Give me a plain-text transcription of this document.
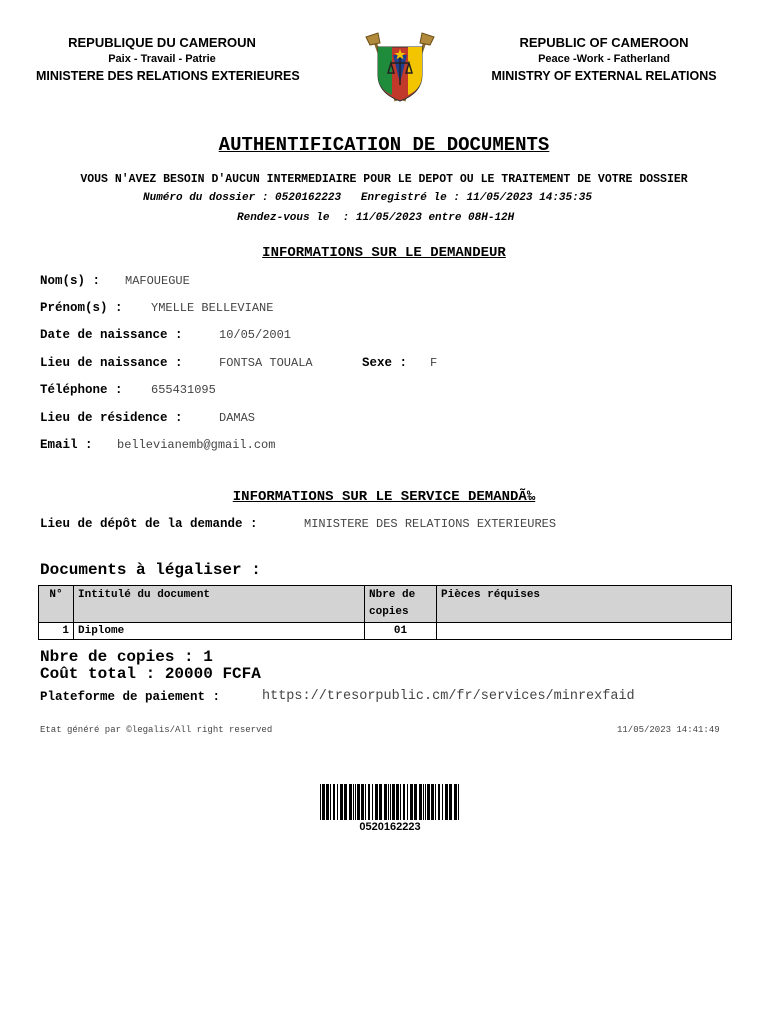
REPUBLIQUE DU CAMEROUN
Paix - Travail - Patrie
MINISTERE DES RELATIONS EXTERIEURES
REPUBLIC OF CAMEROON
Peace -Work - Fatherland
MINISTRY OF EXTERNAL RELATIONS
AUTHENTIFICATION DE DOCUMENTS
VOUS N'AVEZ BESOIN D'AUCUN INTERMEDIAIRE POUR LE DEPOT OU LE TRAITEMENT DE VOTRE DOSSIER
Numéro du dossier : 0520162223 Enregistré le : 11/05/2023 14:35:35
Rendez-vous le  : 11/05/2023 entre 08H-12H
INFORMATIONS SUR LE DEMANDEUR
Nom(s) : MAFOUEGUE
Prénom(s) : YMELLE BELLEVIANE
Date de naissance :	10/05/2001
Lieu de naissance :	FONTSA TOUALA	Sexe : F
Téléphone : 655431095
Lieu de résidence :	DAMAS
Email : bellevianemb@gmail.com
INFORMATIONS SUR LE SERVICE DEMANDÃ‰
Lieu de dépôt de la demande :	MINISTERE DES RELATIONS EXTERIEURES
Documents à légaliser :
N°	Intitulé du document	Nbre de copies	Pièces réquises
1	Diplome	01	
Nbre de copies : 1
Coût total : 20000 FCFA
Plateforme de paiement :	https://tresorpublic.cm/fr/services/minrexfaid
Etat généré par ©legalis/All right reserved	11/05/2023 14:41:49
0520162223
